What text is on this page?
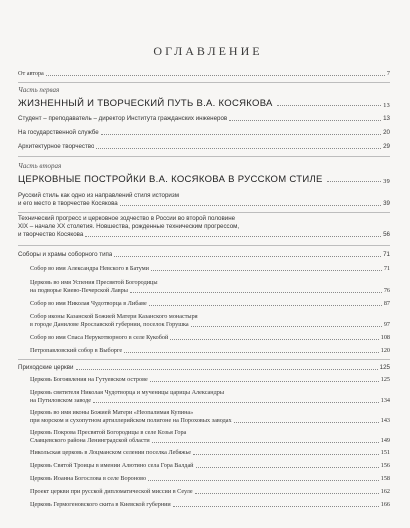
ОГЛАВЛЕНИЕ
От автора	7
Часть первая
ЖИЗНЕННЫЙ И ТВОРЧЕСКИЙ ПУТЬ В.А. КОСЯКОВА	13
Студент – преподаватель – директор Института гражданских инженеров	13
На государственной службе	20
Архитектурное творчество	29
Часть вторая
ЦЕРКОВНЫЕ ПОСТРОЙКИ В.А. КОСЯКОВА В РУССКОМ СТИЛЕ	39
Русский стиль как одно из направлений стиля историзм
и его место в творчестве Косякова	39
Технический прогресс и церковное зодчество в России во второй половине
XIX – начале XX столетия. Новшества, рожденные техническим прогрессом,
и творчество Косякова	56
Соборы и храмы соборного типа	71
Собор во имя Александра Невского в Батуми	71
Церковь во имя Успения Пресвятой Богородицы
на подворье Киево-Печерской Лавры	76
Собор во имя Николая Чудотворца в Либаве	87
Собор иконы Казанской Божией Матери Казанского монастыря
в городе Данилове Ярославской губернии, поселок Горушка	97
Собор во имя Спаса Нерукотворного в селе Кукобой	108
Петропавловский собор в Выборге	120
Приходские церкви	125
Церковь Богоявления на Гутуевском острове	125
Церковь святителя Николая Чудотворца и мученицы царицы Александры
на Путиловском заводе	134
Церковь во имя иконы Божией Матери «Неопалимая Купина»
при морском и сухопутном артиллерийском полигоне на Пороховых заводах	143
Церковь Покрова Пресвятой Богородицы в селе Козья Гора
Славцевского района Ленинградской области	149
Никольская церковь в Лоцманском селении поселка Лебяжье	151
Церковь Святой Троицы в имении Алютино села Гора Валдай	156
Церковь Иоанна Богослова в селе Вороново	158
Проект церкви при русской дипломатической миссии в Сеуле	162
Церковь Гермогеновского скита в Киевской губернии	166
